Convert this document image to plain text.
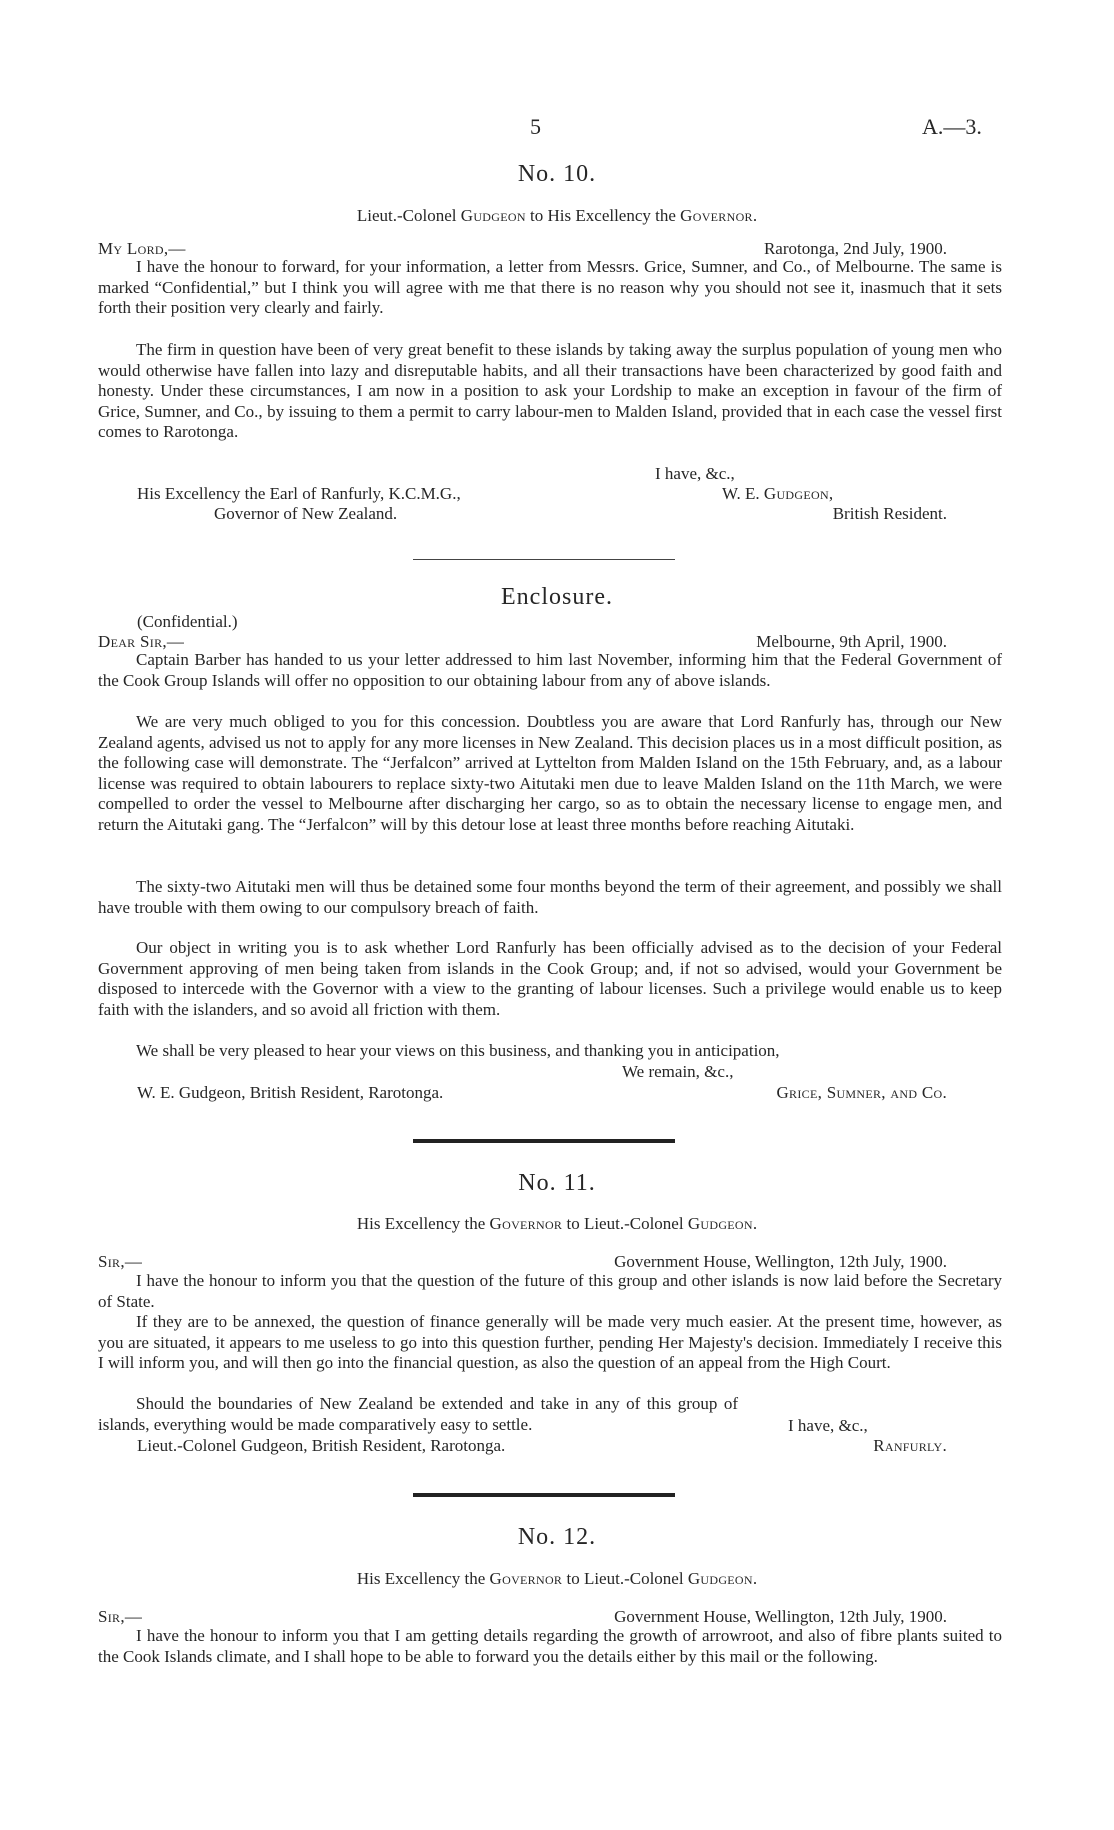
5	A.—3.
No. 10.
Lieut.-Colonel Gudgeon to His Excellency the Governor.
My Lord,—	Rarotonga, 2nd July, 1900.
I have the honour to forward, for your information, a letter from Messrs. Grice, Sumner, and Co., of Melbourne. The same is marked “Confidential,” but I think you will agree with me that there is no reason why you should not see it, inasmuch that it sets forth their position very clearly and fairly.
The firm in question have been of very great benefit to these islands by taking away the surplus population of young men who would otherwise have fallen into lazy and disreputable habits, and all their transactions have been characterized by good faith and honesty. Under these circumstances, I am now in a position to ask your Lordship to make an exception in favour of the firm of Grice, Sumner, and Co., by issuing to them a permit to carry labour-men to Malden Island, provided that in each case the vessel first comes to Rarotonga.
I have, &c.,
His Excellency the Earl of Ranfurly, K.C.M.G.,	W. E. Gudgeon,
Governor of New Zealand.	British Resident.
Enclosure.
(Confidential.)
Dear Sir,—	Melbourne, 9th April, 1900.
Captain Barber has handed to us your letter addressed to him last November, informing him that the Federal Government of the Cook Group Islands will offer no opposition to our obtaining labour from any of above islands.
We are very much obliged to you for this concession. Doubtless you are aware that Lord Ranfurly has, through our New Zealand agents, advised us not to apply for any more licenses in New Zealand. This decision places us in a most difficult position, as the following case will demonstrate. The “Jerfalcon” arrived at Lyttelton from Malden Island on the 15th February, and, as a labour license was required to obtain labourers to replace sixty-two Aitutaki men due to leave Malden Island on the 11th March, we were compelled to order the vessel to Melbourne after discharging her cargo, so as to obtain the necessary license to engage men, and return the Aitutaki gang. The “Jerfalcon” will by this detour lose at least three months before reaching Aitutaki.
The sixty-two Aitutaki men will thus be detained some four months beyond the term of their agreement, and possibly we shall have trouble with them owing to our compulsory breach of faith.
Our object in writing you is to ask whether Lord Ranfurly has been officially advised as to the decision of your Federal Government approving of men being taken from islands in the Cook Group; and, if not so advised, would your Government be disposed to intercede with the Governor with a view to the granting of labour licenses. Such a privilege would enable us to keep faith with the islanders, and so avoid all friction with them.
We shall be very pleased to hear your views on this business, and thanking you in anticipation,
We remain, &c.,
W. E. Gudgeon, British Resident, Rarotonga.	Grice, Sumner, and Co.
No. 11.
His Excellency the Governor to Lieut.-Colonel Gudgeon.
Sir,—	Government House, Wellington, 12th July, 1900.
I have the honour to inform you that the question of the future of this group and other islands is now laid before the Secretary of State.
If they are to be annexed, the question of finance generally will be made very much easier. At the present time, however, as you are situated, it appears to me useless to go into this question further, pending Her Majesty's decision. Immediately I receive this I will inform you, and will then go into the financial question, as also the question of an appeal from the High Court.
Should the boundaries of New Zealand be extended and take in any of this group of islands, everything would be made comparatively easy to settle.	I have, &c.,
Lieut.-Colonel Gudgeon, British Resident, Rarotonga.	Ranfurly.
No. 12.
His Excellency the Governor to Lieut.-Colonel Gudgeon.
Sir,—	Government House, Wellington, 12th July, 1900.
I have the honour to inform you that I am getting details regarding the growth of arrowroot, and also of fibre plants suited to the Cook Islands climate, and I shall hope to be able to forward you the details either by this mail or the following.
